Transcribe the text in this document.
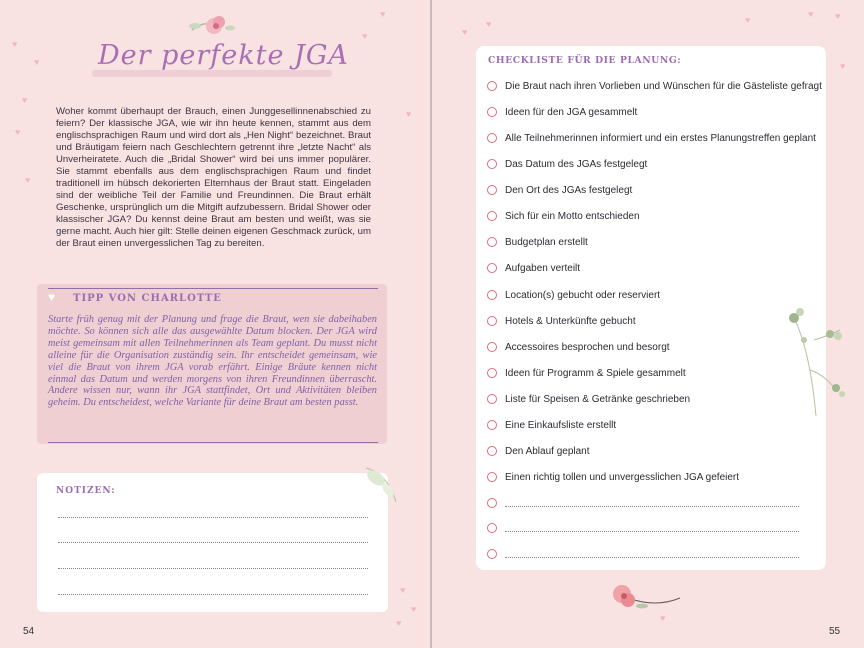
♥
♥
♥
♥
♥
♥
♥
♥
♥
♥
♥
♥
♥	♥
♥ ♥
♥
♥
Der perfekte JGA
Woher kommt überhaupt der Brauch, einen Junggesellinnenabschied zu feiern? Der klassische JGA, wie wir ihn heute kennen, stammt aus dem englischsprachigen Raum und wird dort als „Hen Night“ bezeichnet. Braut und Bräutigam feiern nach Geschlechtern getrennt ihre „letzte Nacht“ als Unverheiratete. Auch die „Bridal Shower“ wird bei uns immer populärer. Sie stammt ebenfalls aus dem englischsprachigen Raum und findet traditionell im hübsch dekorierten Elternhaus der Braut statt. Eingeladen sind der weibliche Teil der Familie und Freundinnen. Die Braut erhält Geschenke, ursprünglich um die Mitgift aufzubessern. Bridal Shower oder klassischer JGA? Du kennst deine Braut am besten und weißt, was sie gerne macht. Auch hier gilt: Stelle deinen eigenen Geschmack zurück, um der Braut einen unvergesslichen Tag zu bereiten.
♥ TIPP VON CHARLOTTE
Starte früh genug mit der Planung und frage die Braut, wen sie dabeihaben möchte. So können sich alle das ausgewählte Datum blocken. Der JGA wird meist gemeinsam mit allen Teilnehmerinnen als Team geplant. Du musst nicht alleine für die Organisation zuständig sein. Ihr entscheidet gemeinsam, wie viel die Braut von ihrem JGA vorab erfährt. Einige Bräute kennen nicht einmal das Datum und werden morgens von ihren Freundinnen überrascht. Andere wissen nur, wann ihr JGA stattfindet, Ort und Aktivitäten bleiben geheim. Du entscheidest, welche Variante für deine Braut am besten passt.
NOTIZEN:
54
CHECKLISTE FÜR DIE PLANUNG:
Die Braut nach ihren Vorlieben und Wünschen für die Gästeliste gefragt
Ideen für den JGA gesammelt
Alle Teilnehmerinnen informiert und ein erstes Planungstreffen geplant
Das Datum des JGAs festgelegt
Den Ort des JGAs festgelegt
Sich für ein Motto entschieden
Budgetplan erstellt
Aufgaben verteilt
Location(s) gebucht oder reserviert
Hotels & Unterkünfte gebucht
Accessoires besprochen und besorgt
Ideen für Programm & Spiele gesammelt
Liste für Speisen & Getränke geschrieben
Eine Einkaufsliste erstellt
Den Ablauf geplant
Einen richtig tollen und unvergesslichen JGA gefeiert
55
